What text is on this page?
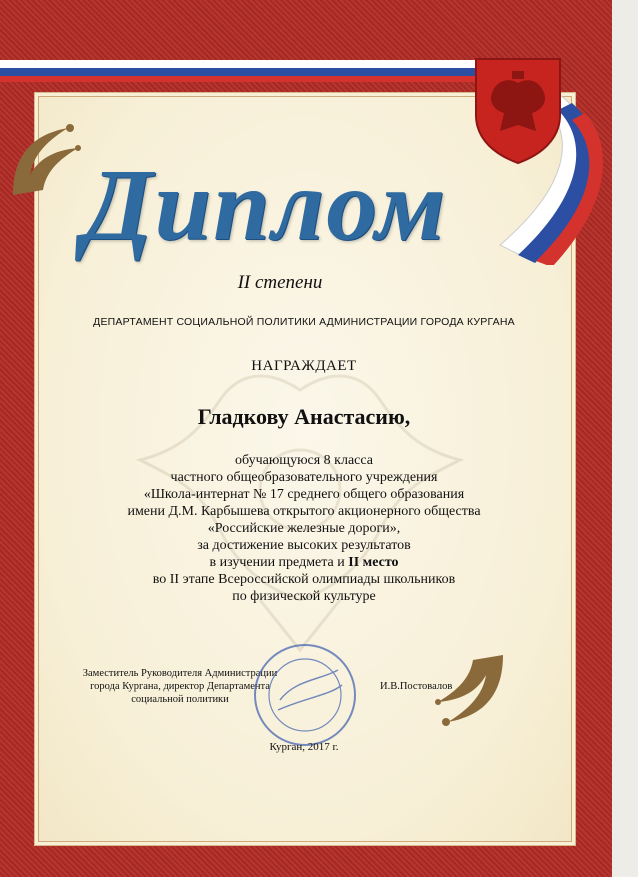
Диплом

II степени

ДЕПАРТАМЕНТ СОЦИАЛЬНОЙ ПОЛИТИКИ АДМИНИСТРАЦИИ ГОРОДА КУРГАНА

НАГРАЖДАЕТ

Гладкову Анастасию,

обучающуюся 8 класса
частного общеобразовательного учреждения
«Школа-интернат № 17 среднего общего образования
имени Д.М. Карбышева открытого акционерного общества
«Российские железные дороги»,
за достижение высоких результатов
в изучении предмета и II место
во II этапе Всероссийской олимпиады школьников
по физической культуре
Заместитель Руководителя Администрации
города Кургана, директор Департамента
социальной политики

И.В.Постовалов

Курган, 2017 г.
